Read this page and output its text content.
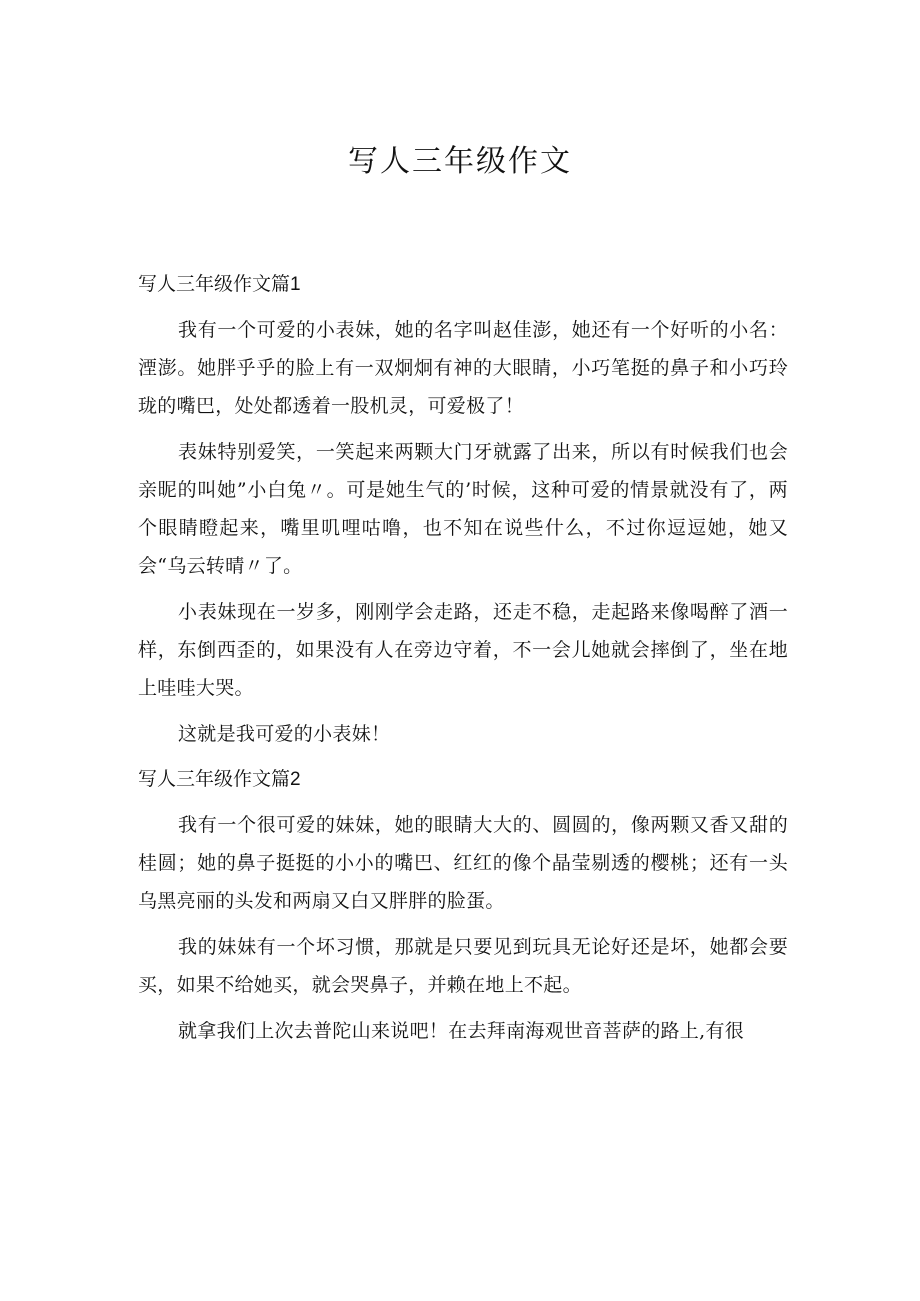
写人三年级作文
写人三年级作文篇1

我有一个可爱的小表妹，她的名字叫赵佳澎，她还有一个好听的小名：湮澎。她胖乎乎的脸上有一双炯炯有神的大眼睛，小巧笔挺的鼻子和小巧玲珑的嘴巴，处处都透着一股机灵，可爱极了！

表妹特别爱笑，一笑起来两颗大门牙就露了出来，所以有时候我们也会亲昵的叫她”小白兔〃。可是她生气的’时候，这种可爱的情景就没有了，两个眼睛瞪起来，嘴里叽哩咕噜，也不知在说些什么，不过你逗逗她，她又会“乌云转晴〃了。

小表妹现在一岁多，刚刚学会走路，还走不稳，走起路来像喝醉了酒一样，东倒西歪的，如果没有人在旁边守着，不一会儿她就会摔倒了，坐在地上哇哇大哭。

这就是我可爱的小表妹！

写人三年级作文篇2

我有一个很可爱的妹妹，她的眼睛大大的、圆圆的，像两颗又香又甜的桂圆；她的鼻子挺挺的小小的嘴巴、红红的像个晶莹剔透的樱桃；还有一头乌黑亮丽的头发和两扇又白又胖胖的脸蛋。

我的妹妹有一个坏习惯，那就是只要见到玩具无论好还是坏，她都会要买，如果不给她买，就会哭鼻子，并赖在地上不起。

就拿我们上次去普陀山来说吧！在去拜南海观世音菩萨的路上,有很
